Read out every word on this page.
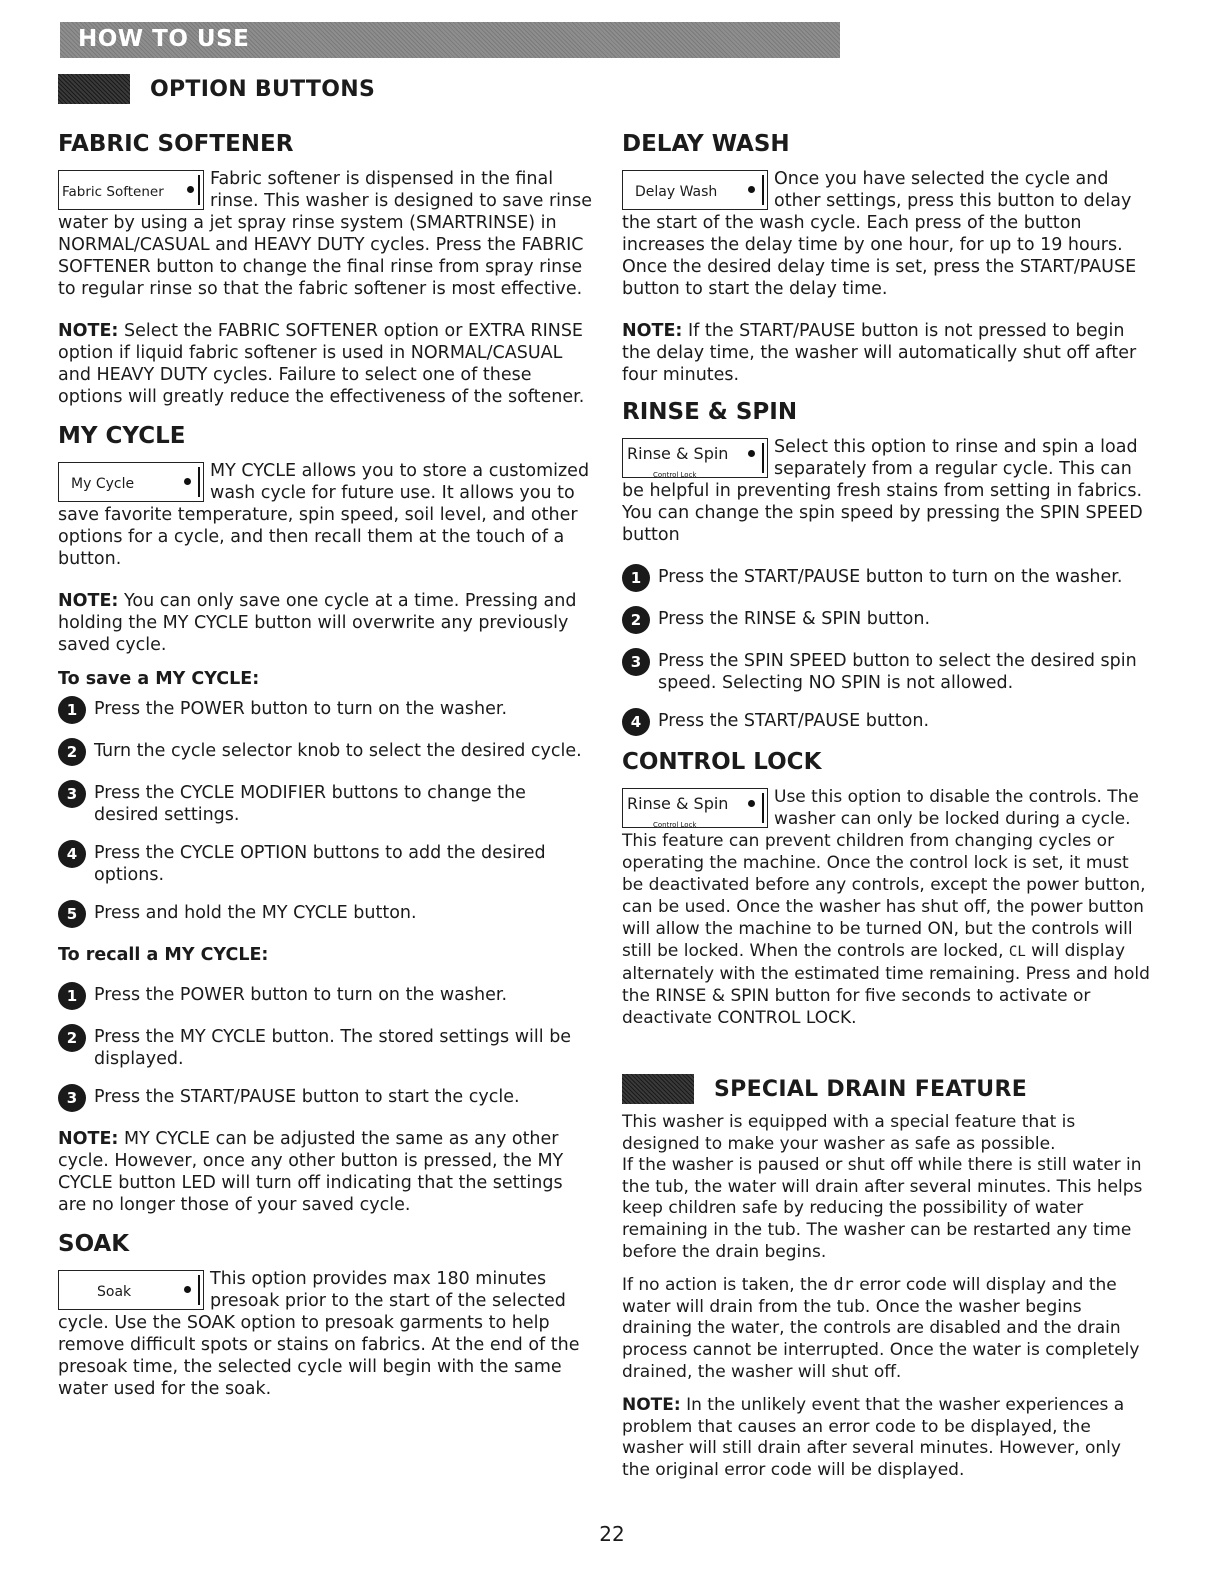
HOW TO USE
OPTION BUTTONS
FABRIC SOFTENER
Fabric Softener
Fabric softener is dispensed in the final rinse. This washer is designed to save rinse water by using a jet spray rinse system (SMARTRINSE) in NORMAL/CASUAL and HEAVY DUTY cycles. Press the FABRIC SOFTENER button to change the final rinse from spray rinse to regular rinse so that the fabric softener is most effective.
NOTE: Select the FABRIC SOFTENER option or EXTRA RINSE option if liquid fabric softener is used in NORMAL/CASUAL and HEAVY DUTY cycles. Failure to select one of these options will greatly reduce the effectiveness of the softener.
MY CYCLE
My Cycle
MY CYCLE allows you to store a customized wash cycle for future use. It allows you to save favorite temperature, spin speed, soil level, and other options for a cycle, and then recall them at the touch of a button.
NOTE: You can only save one cycle at a time. Pressing and holding the MY CYCLE button will overwrite any previously saved cycle.
To save a MY CYCLE:
1 Press the POWER button to turn on the washer.
2 Turn the cycle selector knob to select the desired cycle.
3 Press the CYCLE MODIFIER buttons to change the desired settings.
4 Press the CYCLE OPTION buttons to add the desired options.
5 Press and hold the MY CYCLE button.
To recall a MY CYCLE:
1 Press the POWER button to turn on the washer.
2 Press the MY CYCLE button. The stored settings will be displayed.
3 Press the START/PAUSE button to start the cycle.
NOTE: MY CYCLE can be adjusted the same as any other cycle. However, once any other button is pressed, the MY CYCLE button LED will turn off indicating that the settings are no longer those of your saved cycle.
SOAK
Soak
This option provides max 180 minutes presoak prior to the start of the selected cycle. Use the SOAK option to presoak garments to help remove difficult spots or stains on fabrics. At the end of the presoak time, the selected cycle will begin with the same water used for the soak.
DELAY WASH
Delay Wash
Once you have selected the cycle and other settings, press this button to delay the start of the wash cycle. Each press of the button increases the delay time by one hour, for up to 19 hours. Once the desired delay time is set, press the START/PAUSE button to start the delay time.
NOTE: If the START/PAUSE button is not pressed to begin the delay time, the washer will automatically shut off after four minutes.
RINSE & SPIN
Rinse & Spin
Control Lock
Select this option to rinse and spin a load separately from a regular cycle. This can be helpful in preventing fresh stains from setting in fabrics. You can change the spin speed by pressing the SPIN SPEED button
1 Press the START/PAUSE button to turn on the washer.
2 Press the RINSE & SPIN button.
3 Press the SPIN SPEED button to select the desired spin speed. Selecting NO SPIN is not allowed.
4 Press the START/PAUSE button.
CONTROL LOCK
Rinse & Spin
Control Lock
Use this option to disable the controls. The washer can only be locked during a cycle. This feature can prevent children from changing cycles or operating the machine. Once the control lock is set, it must be deactivated before any controls, except the power button, can be used. Once the washer has shut off, the power button will allow the machine to be turned ON, but the controls will still be locked. When the controls are locked, CL will display alternately with the estimated time remaining. Press and hold the RINSE & SPIN button for five seconds to activate or deactivate CONTROL LOCK.
SPECIAL DRAIN FEATURE
This washer is equipped with a special feature that is designed to make your washer as safe as possible.
If the washer is paused or shut off while there is still water in the tub, the water will drain after several minutes. This helps keep children safe by reducing the possibility of water remaining in the tub. The washer can be restarted any time before the drain begins.
If no action is taken, the dr error code will display and the water will drain from the tub. Once the washer begins draining the water, the controls are disabled and the drain process cannot be interrupted. Once the water is completely drained, the washer will shut off.
NOTE: In the unlikely event that the washer experiences a problem that causes an error code to be displayed, the washer will still drain after several minutes. However, only the original error code will be displayed.
22
